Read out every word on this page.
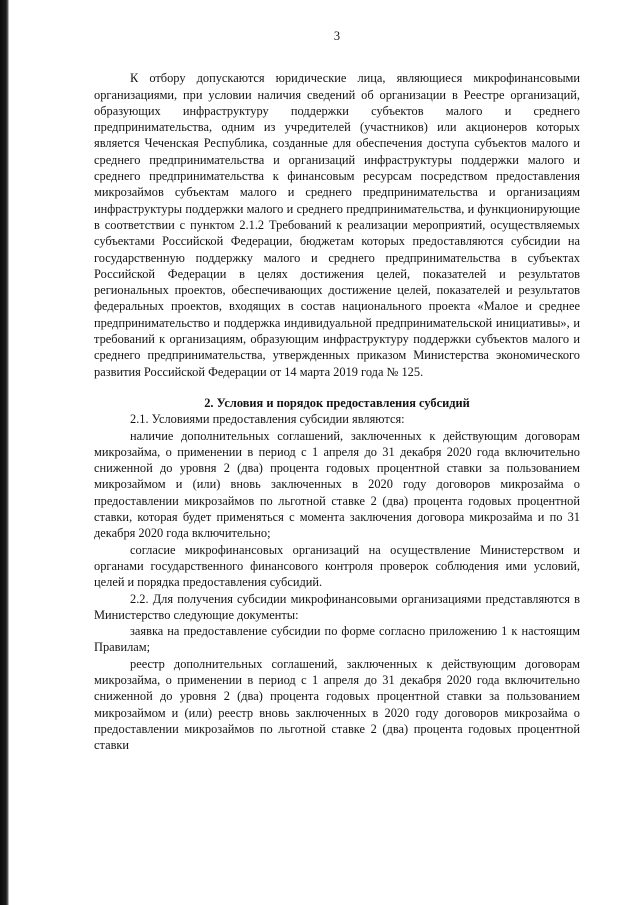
3

К отбору допускаются юридические лица, являющиеся микрофинансовыми организациями, при условии наличия сведений об организации в Реестре организаций, образующих инфраструктуру поддержки субъектов малого и среднего предпринимательства, одним из учредителей (участников) или акционеров которых является Чеченская Республика, созданные для обеспечения доступа субъектов малого и среднего предпринимательства и организаций инфраструктуры поддержки малого и среднего предпринимательства к финансовым ресурсам посредством предоставления микрозаймов субъектам малого и среднего предпринимательства и организациям инфраструктуры поддержки малого и среднего предпринимательства, и функционирующие в соответствии с пунктом 2.1.2 Требований к реализации мероприятий, осуществляемых субъектами Российской Федерации, бюджетам которых предоставляются субсидии на государственную поддержку малого и среднего предпринимательства в субъектах Российской Федерации в целях достижения целей, показателей и результатов региональных проектов, обеспечивающих достижение целей, показателей и результатов федеральных проектов, входящих в состав национального проекта «Малое и среднее предпринимательство и поддержка индивидуальной предпринимательской инициативы», и требований к организациям, образующим инфраструктуру поддержки субъектов малого и среднего предпринимательства, утвержденных приказом Министерства экономического развития Российской Федерации от 14 марта 2019 года № 125.

2. Условия и порядок предоставления субсидий

2.1. Условиями предоставления субсидии являются:

наличие дополнительных соглашений, заключенных к действующим договорам микрозайма, о применении в период с 1 апреля до 31 декабря 2020 года включительно сниженной до уровня 2 (два) процента годовых процентной ставки за пользованием микрозаймом и (или) вновь заключенных в 2020 году договоров микрозайма о предоставлении микрозаймов по льготной ставке 2 (два) процента годовых процентной ставки, которая будет применяться с момента заключения договора микрозайма и по 31 декабря 2020 года включительно;

согласие микрофинансовых организаций на осуществление Министерством и органами государственного финансового контроля проверок соблюдения ими условий, целей и порядка предоставления субсидий.

2.2. Для получения субсидии микрофинансовыми организациями представляются в Министерство следующие документы:

заявка на предоставление субсидии по форме согласно приложению 1 к настоящим Правилам;

реестр дополнительных соглашений, заключенных к действующим договорам микрозайма, о применении в период с 1 апреля до 31 декабря 2020 года включительно сниженной до уровня 2 (два) процента годовых процентной ставки за пользованием микрозаймом и (или) реестр вновь заключенных в 2020 году договоров микрозайма о предоставлении микрозаймов по льготной ставке 2 (два) процента годовых процентной ставки
